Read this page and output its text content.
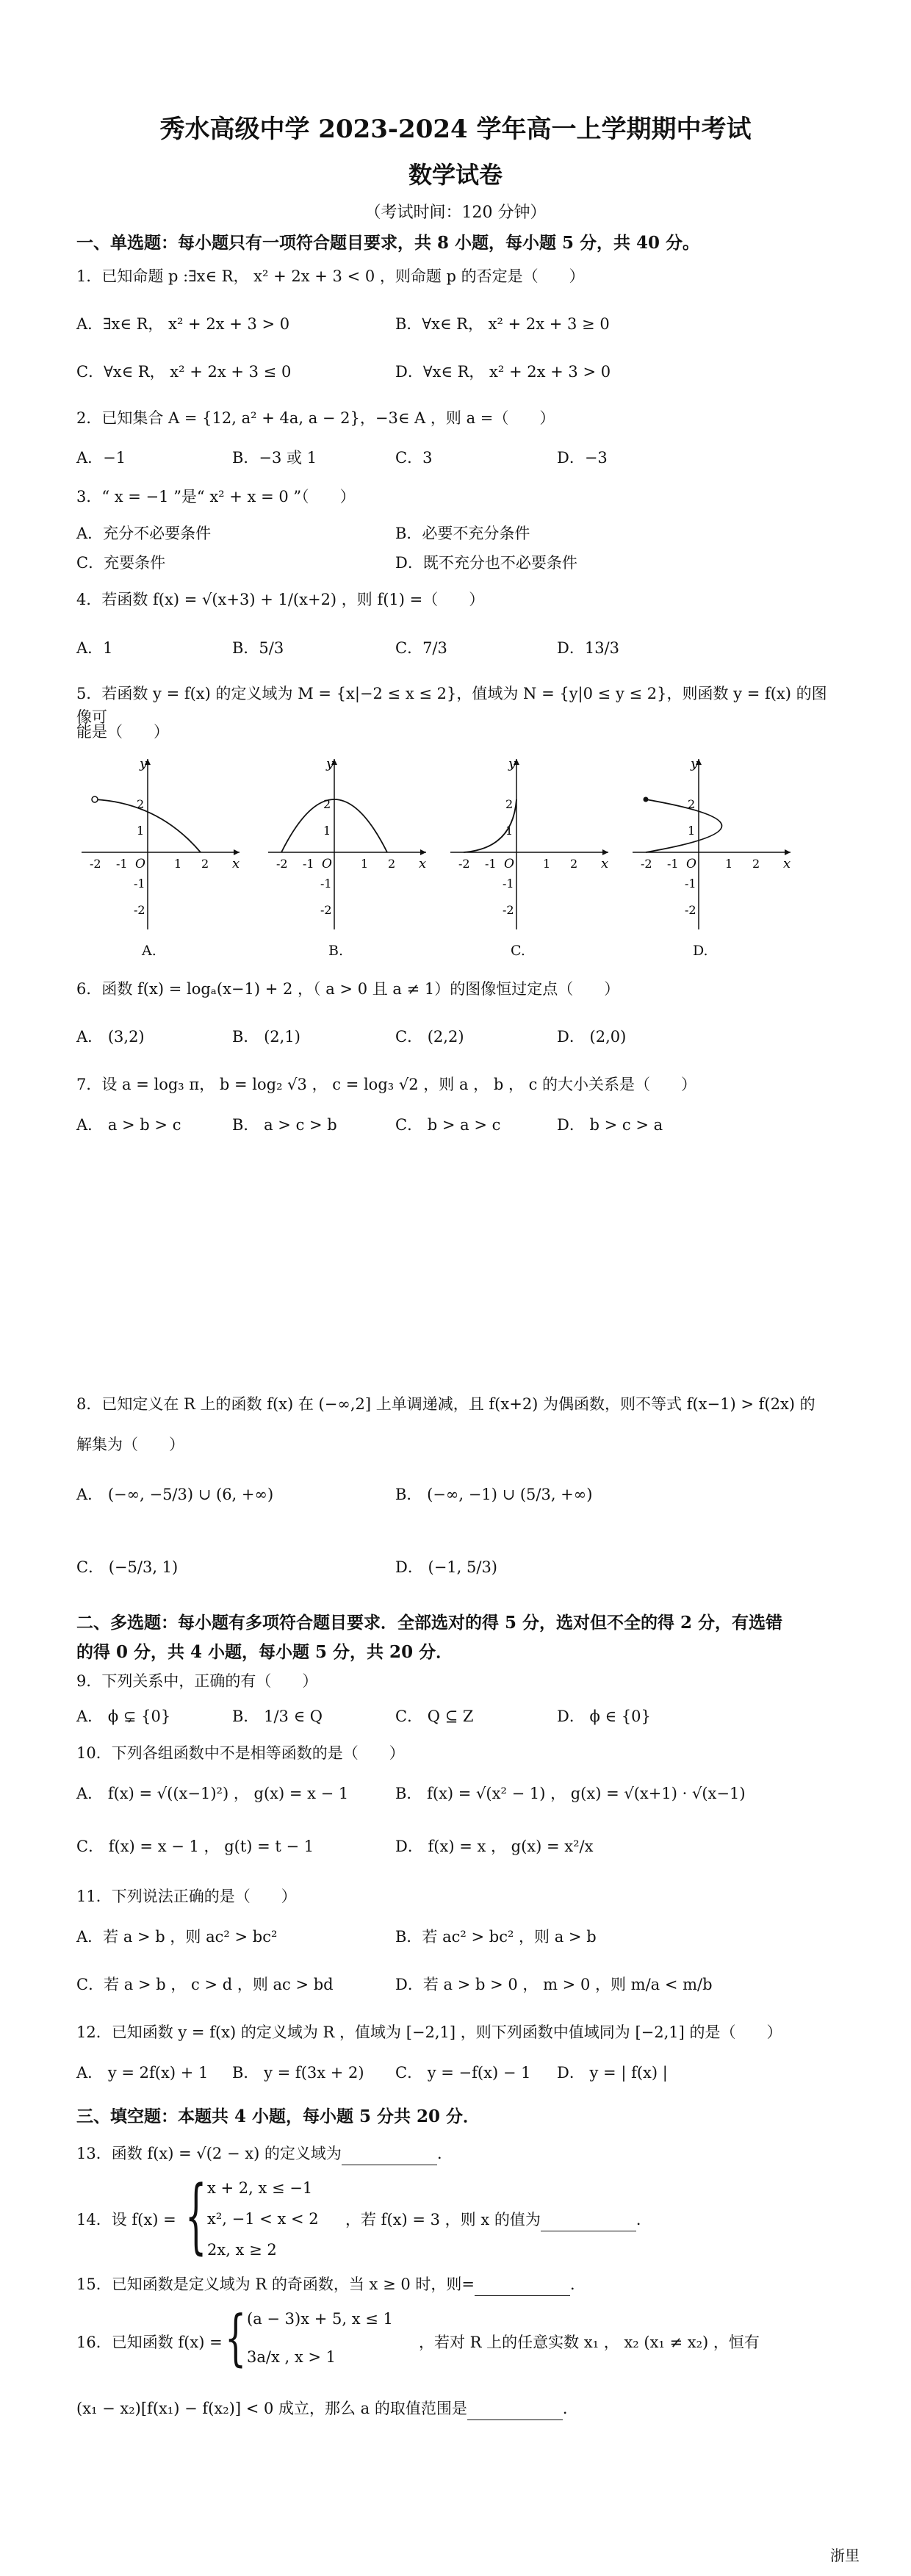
秀水高级中学 2023-2024 学年高一上学期期中考试
数学试卷
（考试时间：120 分钟）
一、单选题：每小题只有一项符合题目要求，共 8 小题，每小题 5 分，共 40 分。
1．已知命题 p :∃x∈ R， x² + 2x + 3 < 0 ，则命题 p 的否定是（　　）
A．∃x∈ R， x² + 2x + 3 > 0	B．∀x∈ R， x² + 2x + 3 ≥ 0
C．∀x∈ R， x² + 2x + 3 ≤ 0	D．∀x∈ R， x² + 2x + 3 > 0
2．已知集合 A = {12, a² + 4a, a − 2}，−3∈ A ，则 a =（　　）
A．−1	B．−3 或 1	C．3	D．−3
3．“ x = −1 ”是“ x² + x = 0 ”（　　）
A．充分不必要条件	B．必要不充分条件
C．充要条件	D．既不充分也不必要条件
4．若函数 f(x) = √(x+3) + 1/(x+2) ，则 f(1) =（　　）
A．1	B．5/3	C．7/3	D．13/3
5．若函数 y = f(x) 的定义域为 M = {x|−2 ≤ x ≤ 2}，值域为 N = {y|0 ≤ y ≤ 2}，则函数 y = f(x) 的图像可
能是（　　）
x
y
O
-2 -1	1 2
2
1
-1
-2
x
y
O
-2 -1	1 2
2
1
-1
-2
x
y
O
-2 -1	1 2
2
1
-1
-2
x
y
O
-2 -1	1 2
2
1
-1
-2
A.	B.	C.	D.
6．函数 f(x) = logₐ(x−1) + 2 ，（ a > 0 且 a ≠ 1）的图像恒过定点（　　）
A． (3,2)	B． (2,1)	C． (2,2)	D． (2,0)
7．设 a = log₃ π， b = log₂ √3 ， c = log₃ √2 ，则 a ， b ， c 的大小关系是（　　）
A． a > b > c	B． a > c > b	C． b > a > c	D． b > c > a
8．已知定义在 R 上的函数 f(x) 在 (−∞,2] 上单调递减，且 f(x+2) 为偶函数，则不等式 f(x−1) > f(2x) 的
解集为（　　）
A． (−∞, −5/3) ∪ (6, +∞)	B． (−∞, −1) ∪ (5/3, +∞)
C． (−5/3, 1)	D． (−1, 5/3)
二、多选题：每小题有多项符合题目要求．全部选对的得 5 分，选对但不全的得 2 分，有选错
的得 0 分，共 4 小题，每小题 5 分，共 20 分．
9．下列关系中，正确的有（　　）
A． ϕ ⊊ {0}	B． 1/3 ∈ Q	C． Q ⊆ Z	D． ϕ ∈ {0}
10．下列各组函数中不是相等函数的是（　　）
A． f(x) = √((x−1)²) ， g(x) = x − 1	B． f(x) = √(x² − 1) ， g(x) = √(x+1) · √(x−1)
C． f(x) = x − 1 ， g(t) = t − 1	D． f(x) = x ， g(x) = x²/x
11．下列说法正确的是（　　）
A．若 a > b ，则 ac² > bc²	B．若 ac² > bc² ，则 a > b
C．若 a > b ， c > d ，则 ac > bd	D．若 a > b > 0 ， m > 0 ，则 m/a < m/b
12．已知函数 y = f(x) 的定义域为 R ，值域为 [−2,1] ，则下列函数中值域同为 [−2,1] 的是（　　）
A． y = 2f(x) + 1 B． y = f(3x + 2) C． y = −f(x) − 1 D． y = | f(x) |
三、填空题：本题共 4 小题，每小题 5 分共 20 分．
13．函数 f(x) = √(2 − x) 的定义域为	．
14．设 f(x) = { x + 2, x ≤ −1
x², −1 < x < 2
2x, x ≥ 2
，若 f(x) = 3 ，则 x 的值为	．
15．已知函数是定义域为 R 的奇函数，当 x ≥ 0 时，则=	．
16．已知函数 f(x) = { (a − 3)x + 5, x ≤ 1
3a/x , x > 1
，若对 R 上的任意实数 x₁ ， x₂ (x₁ ≠ x₂) ，恒有
(x₁ − x₂)[f(x₁) − f(x₂)] < 0 成立，那么 a 的取值范围是	．
浙里
